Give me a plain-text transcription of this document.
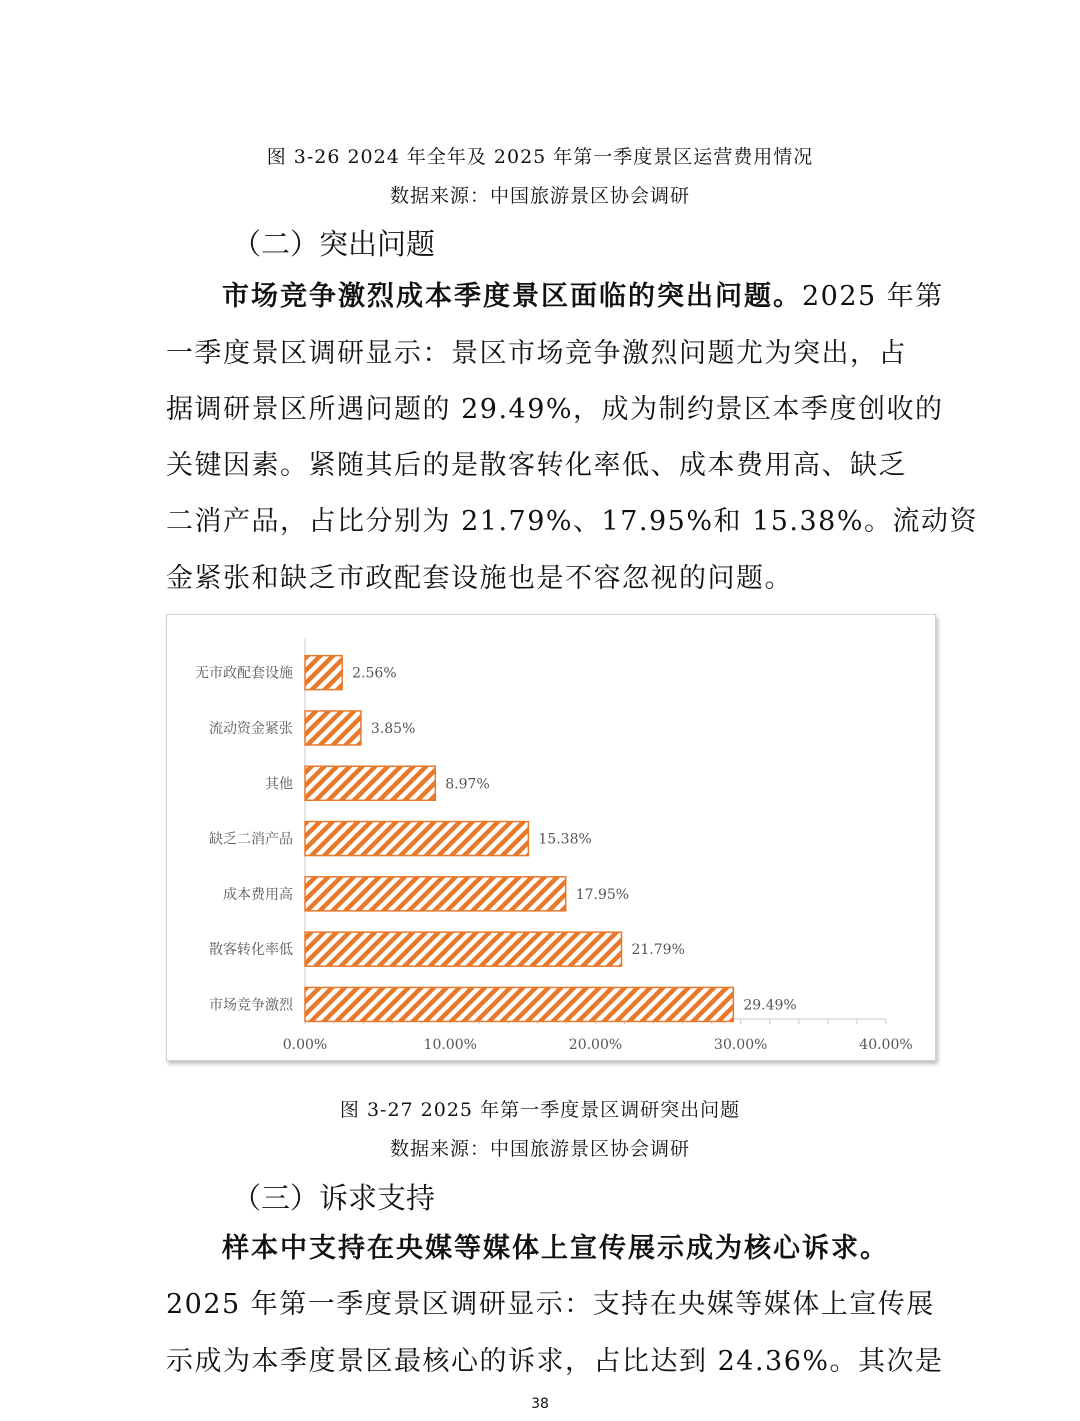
图 3-26 2024 年全年及 2025 年第一季度景区运营费用情况
数据来源：中国旅游景区协会调研
（二）突出问题
市场竞争激烈成本季度景区面临的突出问题。2025 年第
一季度景区调研显示：景区市场竞争激烈问题尤为突出，占
据调研景区所遇问题的 29.49%，成为制约景区本季度创收的
关键因素。紧随其后的是散客转化率低、成本费用高、缺乏
二消产品，占比分别为 21.79%、17.95%和 15.38%。流动资
金紧张和缺乏市政配套设施也是不容忽视的问题。
0.00%	10.00%	20.00%	30.00%	40.00%
无市政配套设施	2.56%
流动资金紧张	3.85%
其他	8.97%
缺乏二消产品	15.38%
成本费用高	17.95%
散客转化率低	21.79%
市场竞争激烈	29.49%
图 3-27 2025 年第一季度景区调研突出问题
数据来源：中国旅游景区协会调研
（三）诉求支持
样本中支持在央媒等媒体上宣传展示成为核心诉求。
2025 年第一季度景区调研显示：支持在央媒等媒体上宣传展
示成为本季度景区最核心的诉求，占比达到 24.36%。其次是
38
